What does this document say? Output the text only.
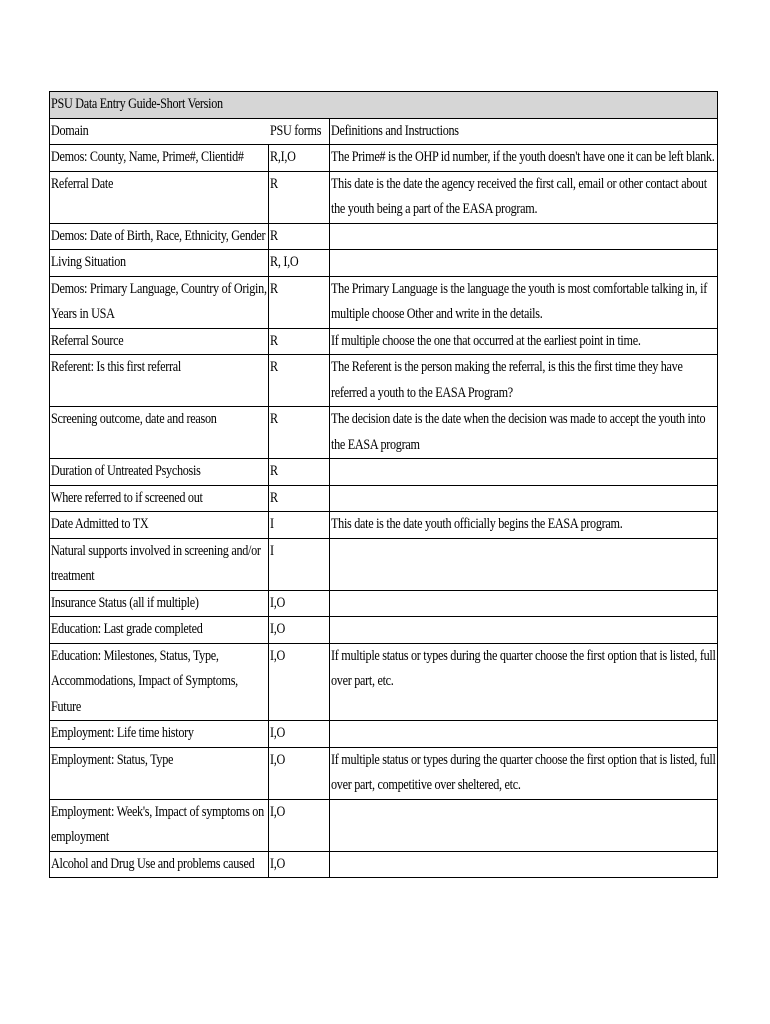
PSU Data Entry Guide-Short Version		
Domain	PSU forms	Definitions and Instructions

Demos: County, Name, Prime#, Clientid#	R,I,O	The Prime# is the OHP id number, if the youth doesn't have one it can be left blank.

Referral Date	R	This date is the date the agency received the first call, email or other contact about the youth being a part of the EASA program.

Demos: Date of Birth, Race, Ethnicity, Gender	R	

Living Situation	R, I,O	

Demos: Primary Language, Country of Origin, Years in USA	R	The Primary Language is the language the youth is most comfortable talking in, if multiple choose Other and write in the details.

Referral Source	R	If multiple choose the one that occurred at the earliest point in time.

Referent: Is this first referral	R	The Referent is the person making the referral, is this the first time they have referred a youth to the EASA Program?

Screening outcome, date and reason	R	The decision date is the date when the decision was made to accept the youth into the EASA program

Duration of Untreated Psychosis	R	

Where referred to if screened out	R	

Date Admitted to TX	I	This date is the date youth officially begins the EASA program.

Natural supports involved in screening and/or treatment	I	

Insurance Status (all if multiple)	I,O	

Education: Last grade completed	I,O	

Education: Milestones, Status, Type, Accommodations, Impact of Symptoms, Future	I,O	If multiple status or types during the quarter choose the first option that is listed, full over part, etc.

Employment: Life time history	I,O	

Employment: Status, Type	I,O	If multiple status or types during the quarter choose the first option that is listed, full over part, competitive over sheltered, etc.

Employment: Week's, Impact of symptoms on employment	I,O	

Alcohol and Drug Use and problems caused	I,O	
